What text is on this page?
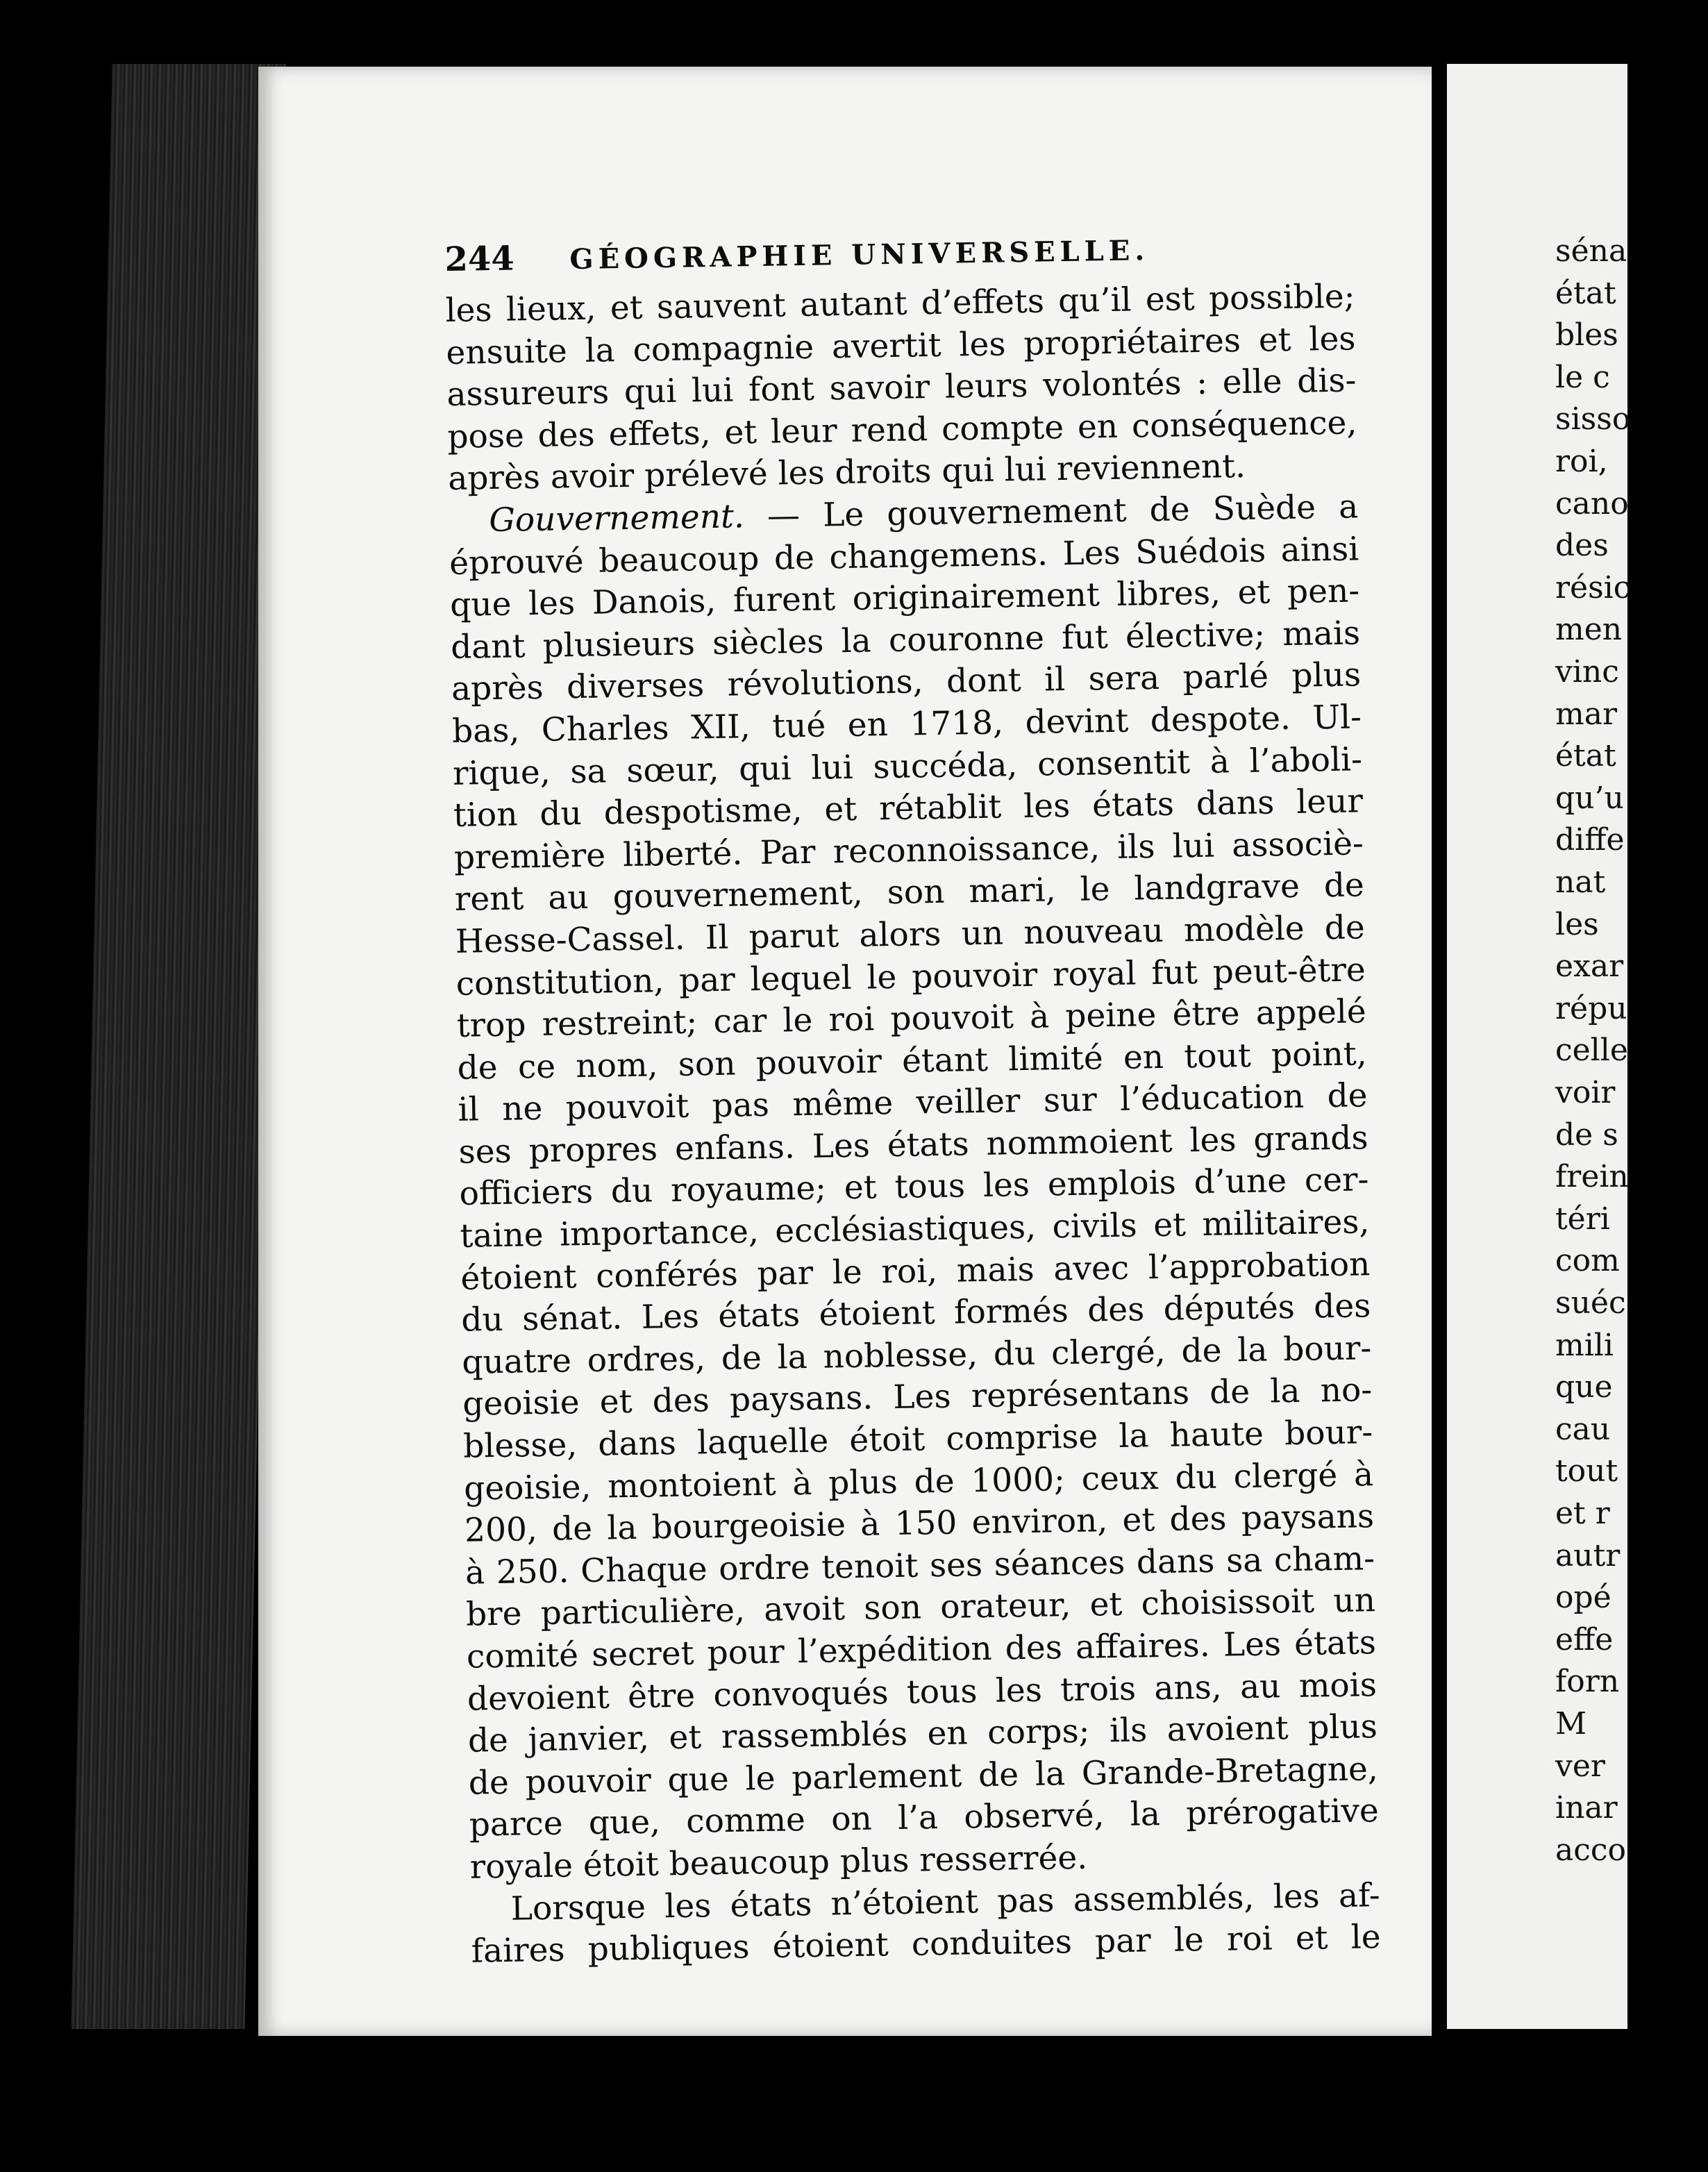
séna
état
bles
le c
sisso
roi,
cano
des
résic
men
vinc
mar
état
qu’u
diffe
nat
les
exar
répu
celle
voir
de s
frein
téri
com
suéc
mili
que
cau
tout
et r
autr
opé
effe
forn
M
ver
inar
acco
244	GÉOGRAPHIE UNIVERSELLE.
les lieux, et sauvent autant d’effets qu’il est possible;
ensuite la compagnie avertit les propriétaires et les
assureurs qui lui font savoir leurs volontés : elle dis-
pose des effets, et leur rend compte en conséquence,
après avoir prélevé les droits qui lui reviennent.
Gouvernement. — Le gouvernement de Suède a
éprouvé beaucoup de changemens. Les Suédois ainsi
que les Danois, furent originairement libres, et pen-
dant plusieurs siècles la couronne fut élective; mais
après diverses révolutions, dont il sera parlé plus
bas, Charles XII, tué en 1718, devint despote. Ul-
rique, sa sœur, qui lui succéda, consentit à l’aboli-
tion du despotisme, et rétablit les états dans leur
première liberté. Par reconnoissance, ils lui associè-
rent au gouvernement, son mari, le landgrave de
Hesse-Cassel. Il parut alors un nouveau modèle de
constitution, par lequel le pouvoir royal fut peut-être
trop restreint; car le roi pouvoit à peine être appelé
de ce nom, son pouvoir étant limité en tout point,
il ne pouvoit pas même veiller sur l’éducation de
ses propres enfans. Les états nommoient les grands
officiers du royaume; et tous les emplois d’une cer-
taine importance, ecclésiastiques, civils et militaires,
étoient conférés par le roi, mais avec l’approbation
du sénat. Les états étoient formés des députés des
quatre ordres, de la noblesse, du clergé, de la bour-
geoisie et des paysans. Les représentans de la no-
blesse, dans laquelle étoit comprise la haute bour-
geoisie, montoient à plus de 1000; ceux du clergé à
200, de la bourgeoisie à 150 environ, et des paysans
à 250. Chaque ordre tenoit ses séances dans sa cham-
bre particulière, avoit son orateur, et choisissoit un
comité secret pour l’expédition des affaires. Les états
devoient être convoqués tous les trois ans, au mois
de janvier, et rassemblés en corps; ils avoient plus
de pouvoir que le parlement de la Grande-Bretagne,
parce que, comme on l’a observé, la prérogative
royale étoit beaucoup plus resserrée.
Lorsque les états n’étoient pas assemblés, les af-
faires publiques étoient conduites par le roi et le
